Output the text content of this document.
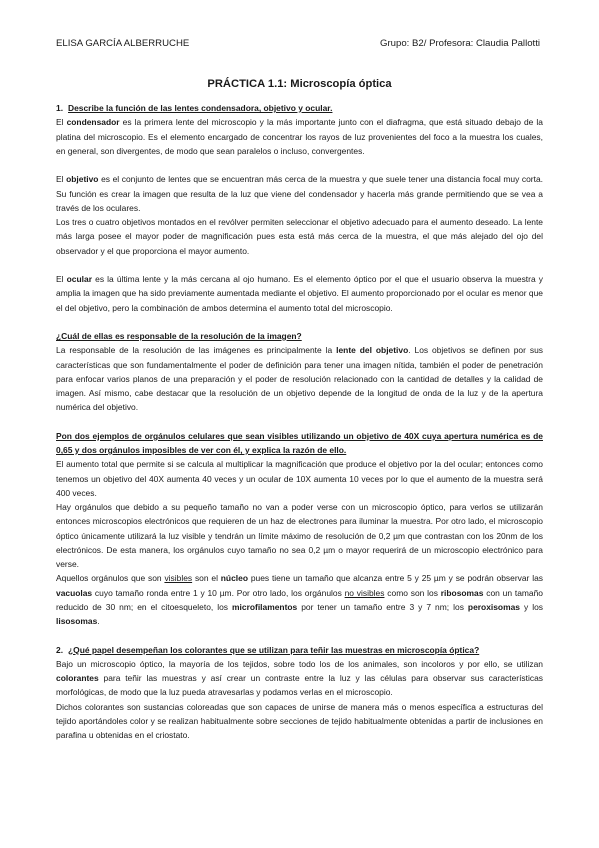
ELISA GARCÍA ALBERRUCHE	Grupo: B2/ Profesora: Claudia Pallotti
PRÁCTICA 1.1: Microscopía óptica

1. Describe la función de las lentes condensadora, objetivo y ocular.

El condensador es la primera lente del microscopio y la más importante junto con el diafragma, que está situado debajo de la platina del microscopio. Es el elemento encargado de concentrar los rayos de luz provenientes del foco a la muestra los cuales, en general, son divergentes, de modo que sean paralelos o incluso, convergentes.

El objetivo es el conjunto de lentes que se encuentran más cerca de la muestra y que suele tener una distancia focal muy corta. Su función es crear la imagen que resulta de la luz que viene del condensador y hacerla más grande permitiendo que se vea a través de los oculares.

Los tres o cuatro objetivos montados en el revólver permiten seleccionar el objetivo adecuado para el aumento deseado. La lente más larga posee el mayor poder de magnificación pues esta está más cerca de la muestra, el que más alejado del ojo del observador y el que proporciona el mayor aumento.

El ocular es la última lente y la más cercana al ojo humano. Es el elemento óptico por el que el usuario observa la muestra y amplia la imagen que ha sido previamente aumentada mediante el objetivo. El aumento proporcionado por el ocular es menor que el del objetivo, pero la combinación de ambos determina el aumento total del microscopio.

¿Cuál de ellas es responsable de la resolución de la imagen?

La responsable de la resolución de las imágenes es principalmente la lente del objetivo. Los objetivos se definen por sus características que son fundamentalmente el poder de definición para tener una imagen nítida, también el poder de penetración para enfocar varios planos de una preparación y el poder de resolución relacionado con la cantidad de detalles y la calidad de imagen. Así mismo, cabe destacar que la resolución de un objetivo depende de la longitud de onda de la luz y de la apertura numérica del objetivo.

Pon dos ejemplos de orgánulos celulares que sean visibles utilizando un objetivo de 40X cuya apertura numérica es de 0,65 y dos orgánulos imposibles de ver con él, y explica la razón de ello.

El aumento total que permite si se calcula al multiplicar la magnificación que produce el objetivo por la del ocular; entonces como tenemos un objetivo del 40X aumenta 40 veces y un ocular de 10X aumenta 10 veces por lo que el aumento de la muestra será 400 veces.

Hay orgánulos que debido a su pequeño tamaño no van a poder verse con un microscopio óptico, para verlos se utilizarán entonces microscopios electrónicos que requieren de un haz de electrones para iluminar la muestra. Por otro lado, el microscopio óptico únicamente utilizará la luz visible y tendrán un límite máximo de resolución de 0,2 µm que contrastan con los 20nm de los electrónicos. De esta manera, los orgánulos cuyo tamaño no sea 0,2 µm o mayor requerirá de un microscopio electrónico para verse.

Aquellos orgánulos que son visibles son el núcleo pues tiene un tamaño que alcanza entre 5 y 25 µm y se podrán observar las vacuolas cuyo tamaño ronda entre 1 y 10 µm. Por otro lado, los orgánulos no visibles como son los ribosomas con un tamaño reducido de 30 nm; en el citoesqueleto, los microfilamentos por tener un tamaño entre 3 y 7 nm; los peroxisomas y los lisosomas.

2. ¿Qué papel desempeñan los colorantes que se utilizan para teñir las muestras en microscopía óptica?

Bajo un microscopio óptico, la mayoría de los tejidos, sobre todo los de los animales, son incoloros y por ello, se utilizan colorantes para teñir las muestras y así crear un contraste entre la luz y las células para observar sus características morfológicas, de modo que la luz pueda atravesarlas y podamos verlas en el microscopio.

Dichos colorantes son sustancias coloreadas que son capaces de unirse de manera más o menos específica a estructuras del tejido aportándoles color y se realizan habitualmente sobre secciones de tejido habitualmente obtenidas a partir de inclusiones en parafina u obtenidas en el criostato.
